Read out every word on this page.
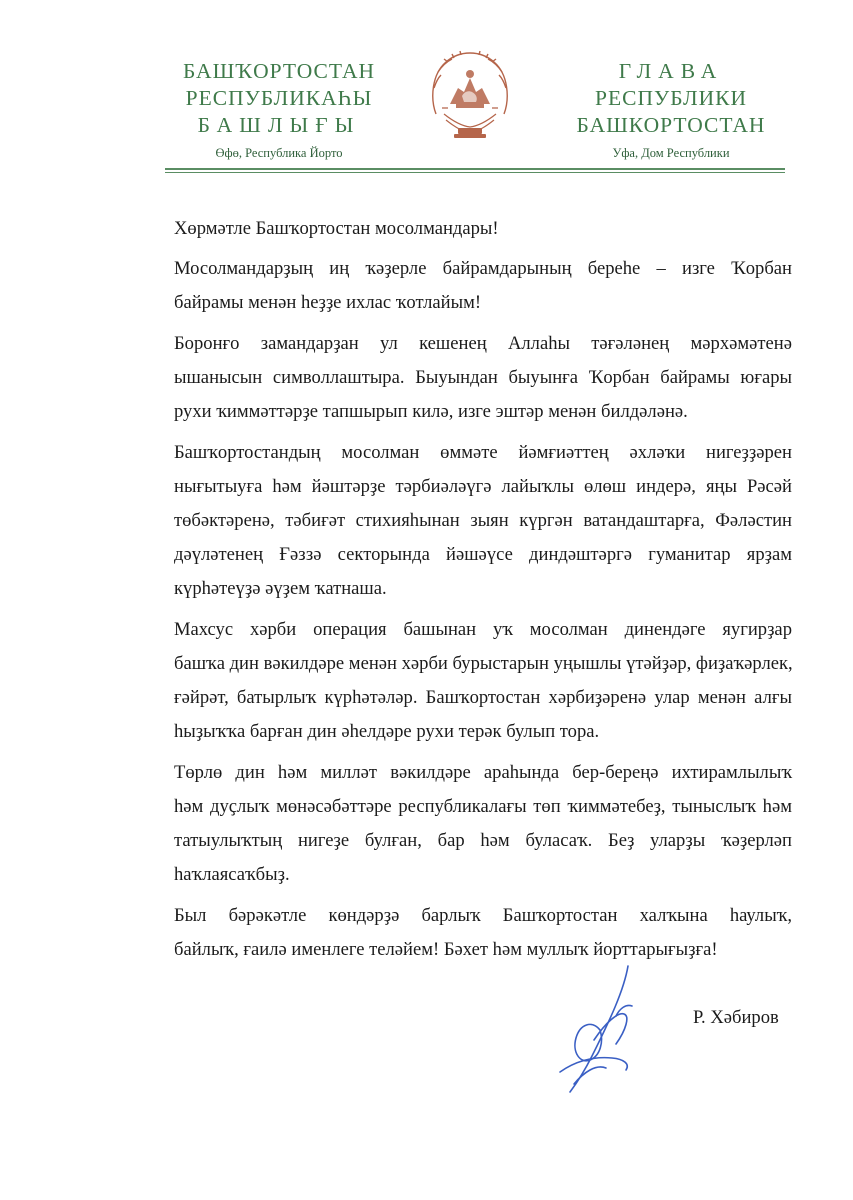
БАШҠОРТОСТАН
РЕСПУБЛИКАҺЫ
БАШЛЫҒЫ
ГЛАВА
РЕСПУБЛИКИ
БАШКОРТОСТАН
Өфө, Республика Йорто	Уфа, Дом Республики
Хөрмәтле Башҡортостан мосолмандары!
Мосолмандарҙың иң ҡәҙерле байрамдарының береһе – изге Ҡорбан
байрамы менән һеҙҙе ихлас ҡотлайым!
Боронғо замандарҙан ул кешенең Аллаһы тәғәләнең мәрхәмәтенә
ышанысын символлаштыра. Быуындан быуынға Ҡорбан байрамы юғары
рухи ҡиммәттәрҙе тапшырып килә, изге эштәр менән билдәләнә.
Башҡортостандың мосолман өммәте йәмғиәттең әхләҡи нигеҙҙәрен
нығытыуға һәм йәштәрҙе тәрбиәләүгә лайыҡлы өлөш индерә, яңы Рәсәй
төбәктәренә, тәбиғәт стихияһынан зыян күргән ватандаштарға, Фәләстин
дәүләтенең Ғәззә секторында йәшәүсе диндәштәргә гуманитар ярҙам
күрһәтеүҙә әүҙем ҡатнаша.
Махсус хәрби операция башынан уҡ мосолман динендәге яугирҙар
башҡа дин вәкилдәре менән хәрби бурыстарын уңышлы үтәйҙәр, фиҙаҡәрлек,
ғәйрәт, батырлыҡ күрһәтәләр. Башҡортостан хәрбиҙәренә улар менән алғы
һыҙыҡҡа барған дин әһелдәре рухи терәк булып тора.
Төрлө дин һәм милләт вәкилдәре араһында бер-береңә ихтирамлылыҡ
һәм дуҫлыҡ мөнәсәбәттәре республикалағы төп ҡиммәтебеҙ, тыныслыҡ һәм
татыулыҡтың нигеҙе булған, бар һәм буласаҡ. Беҙ уларҙы ҡәҙерләп
һаҡлаясаҡбыҙ.
Был бәрәкәтле көндәрҙә барлыҡ Башҡортостан халҡына һаулыҡ,
байлыҡ, ғаилә именлеге теләйем! Бәхет һәм муллыҡ йорттарығыҙға!
Р. Хәбиров
